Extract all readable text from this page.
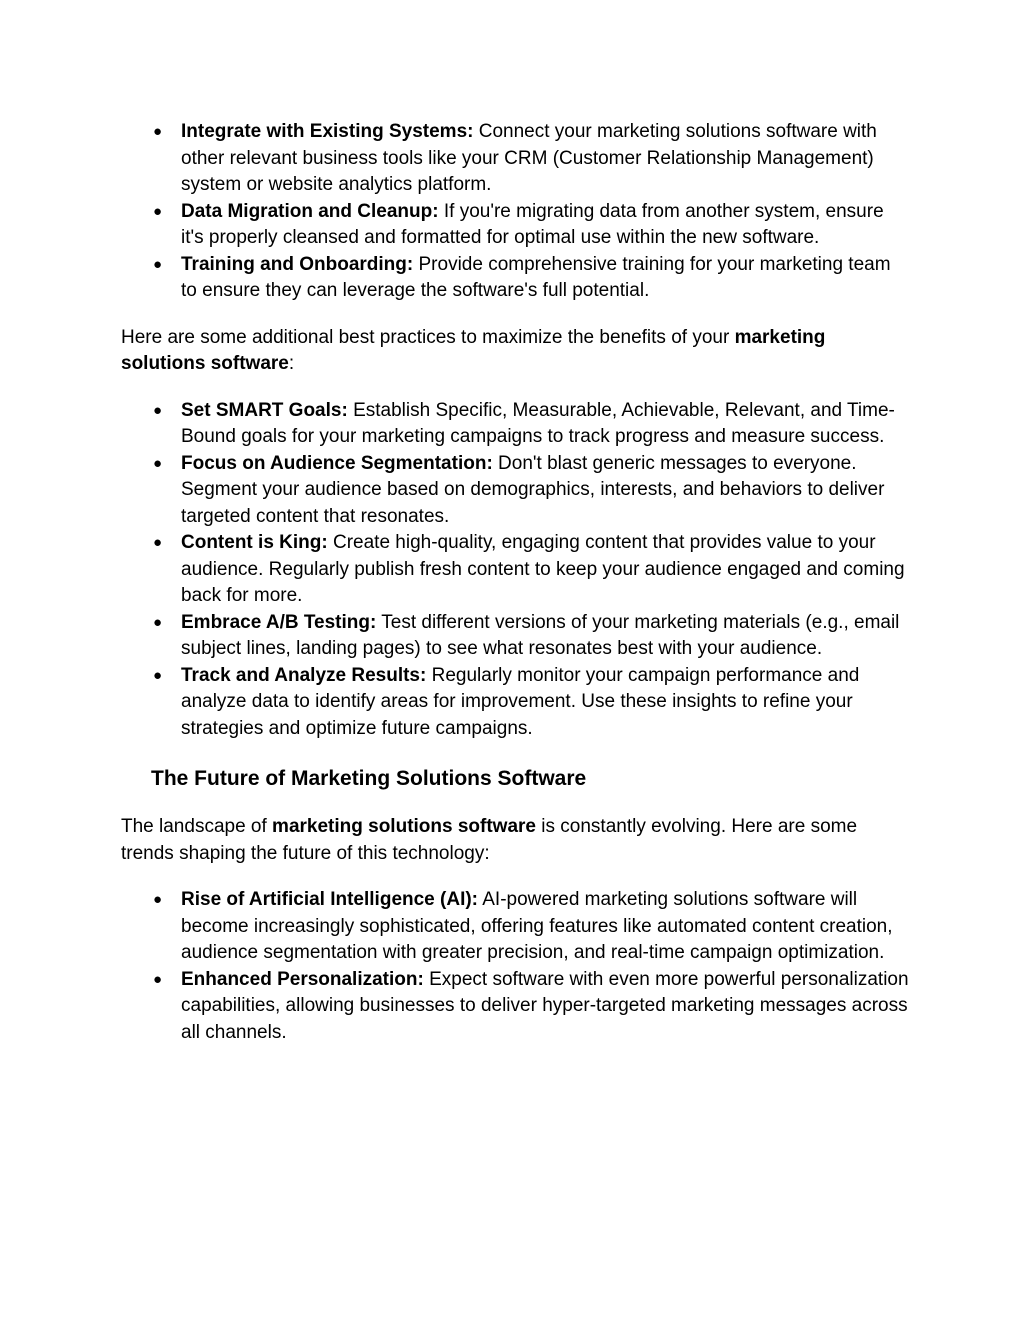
● Integrate with Existing Systems: Connect your marketing solutions software with other relevant business tools like your CRM (Customer Relationship Management) system or website analytics platform.
● Data Migration and Cleanup: If you're migrating data from another system, ensure it's properly cleansed and formatted for optimal use within the new software.
● Training and Onboarding: Provide comprehensive training for your marketing team to ensure they can leverage the software's full potential.

Here are some additional best practices to maximize the benefits of your marketing solutions software:

● Set SMART Goals: Establish Specific, Measurable, Achievable, Relevant, and Time-Bound goals for your marketing campaigns to track progress and measure success.
● Focus on Audience Segmentation: Don't blast generic messages to everyone. Segment your audience based on demographics, interests, and behaviors to deliver targeted content that resonates.
● Content is King: Create high-quality, engaging content that provides value to your audience. Regularly publish fresh content to keep your audience engaged and coming back for more.
● Embrace A/B Testing: Test different versions of your marketing materials (e.g., email subject lines, landing pages) to see what resonates best with your audience.
● Track and Analyze Results: Regularly monitor your campaign performance and analyze data to identify areas for improvement. Use these insights to refine your strategies and optimize future campaigns.
The Future of Marketing Solutions Software

The landscape of marketing solutions software is constantly evolving. Here are some trends shaping the future of this technology:

● Rise of Artificial Intelligence (AI): AI-powered marketing solutions software will become increasingly sophisticated, offering features like automated content creation, audience segmentation with greater precision, and real-time campaign optimization.
● Enhanced Personalization: Expect software with even more powerful personalization capabilities, allowing businesses to deliver hyper-targeted marketing messages across all channels.
